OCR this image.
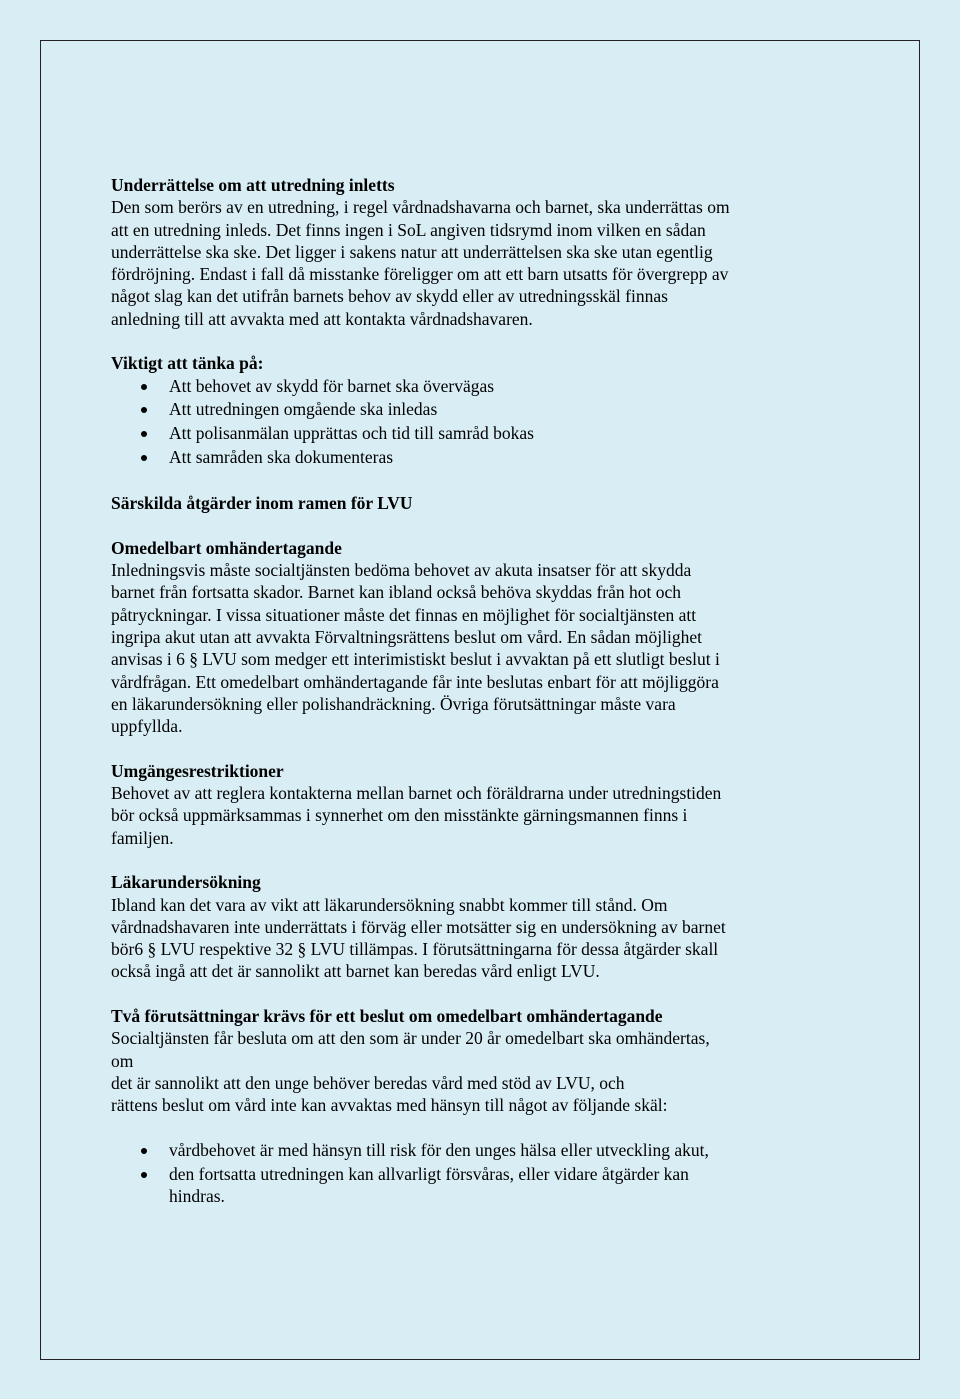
Underrättelse om att utredning inletts
Den som berörs av en utredning, i regel vårdnadshavarna och barnet, ska underrättas om
att en utredning inleds. Det finns ingen i SoL angiven tidsrymd inom vilken en sådan
underrättelse ska ske. Det ligger i sakens natur att underrättelsen ska ske utan egentlig
fördröjning. Endast i fall då misstanke föreligger om att ett barn utsatts för övergrepp av
något slag kan det utifrån barnets behov av skydd eller av utredningsskäl finnas
anledning till att avvakta med att kontakta vårdnadshavaren.
Viktigt att tänka på:
Att behovet av skydd för barnet ska övervägas
Att utredningen omgående ska inledas
Att polisanmälan upprättas och tid till samråd bokas
Att samråden ska dokumenteras
Särskilda åtgärder inom ramen för LVU
Omedelbart omhändertagande
Inledningsvis måste socialtjänsten bedöma behovet av akuta insatser för att skydda
barnet från fortsatta skador. Barnet kan ibland också behöva skyddas från hot och
påtryckningar. I vissa situationer måste det finnas en möjlighet för socialtjänsten att
ingripa akut utan att avvakta Förvaltningsrättens beslut om vård. En sådan möjlighet
anvisas i 6 § LVU som medger ett interimistiskt beslut i avvaktan på ett slutligt beslut i
vårdfrågan. Ett omedelbart omhändertagande får inte beslutas enbart för att möjliggöra
en läkarundersökning eller polishandräckning. Övriga förutsättningar måste vara
uppfyllda.
Umgängesrestriktioner
Behovet av att reglera kontakterna mellan barnet och föräldrarna under utredningstiden
bör också uppmärksammas i synnerhet om den misstänkte gärningsmannen finns i
familjen.
Läkarundersökning
Ibland kan det vara av vikt att läkarundersökning snabbt kommer till stånd. Om
vårdnadshavaren inte underrättats i förväg eller motsätter sig en undersökning av barnet
bör6 § LVU respektive 32 § LVU tillämpas. I förutsättningarna för dessa åtgärder skall
också ingå att det är sannolikt att barnet kan beredas vård enligt LVU.
Två förutsättningar krävs för ett beslut om omedelbart omhändertagande
Socialtjänsten får besluta om att den som är under 20 år omedelbart ska omhändertas,
om
det är sannolikt att den unge behöver beredas vård med stöd av LVU, och
rättens beslut om vård inte kan avvaktas med hänsyn till något av följande skäl:
vårdbehovet är med hänsyn till risk för den unges hälsa eller utveckling akut,
den fortsatta utredningen kan allvarligt försvåras, eller vidare åtgärder kan
hindras.
